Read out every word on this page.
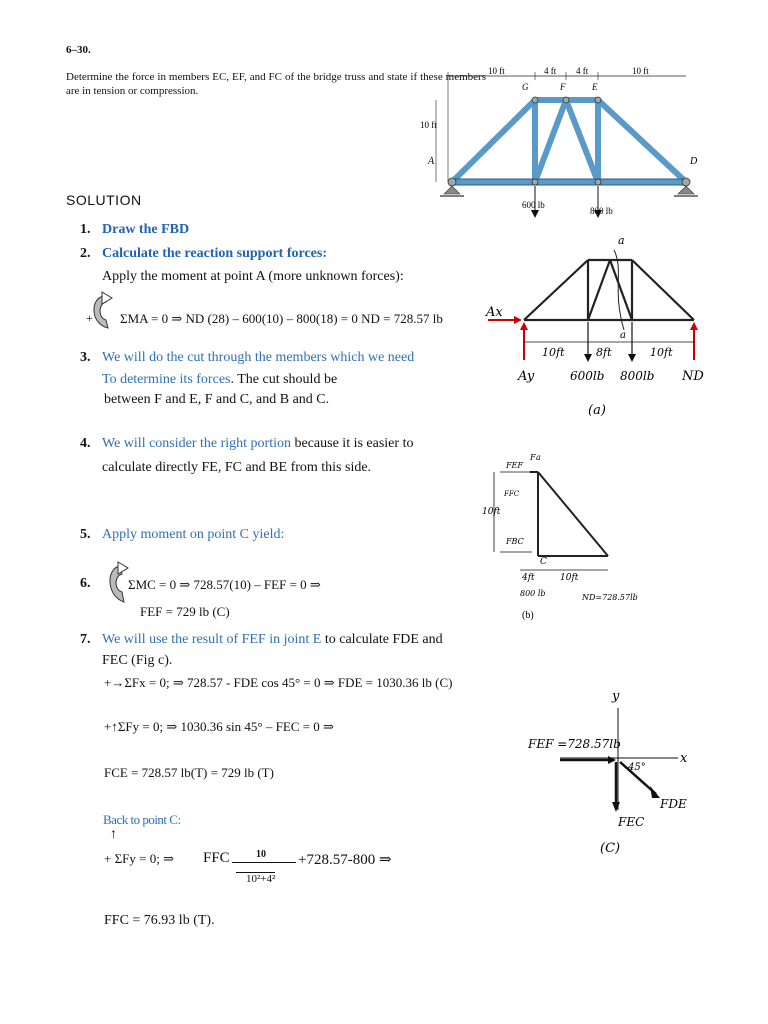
6–30.
Determine the force in members EC, EF, and FC of the bridge truss and state if these members are in tension or compression.
10 ft	4 ft 4 ft	10 ft
10 ft
A	D
G	F	E
600 lb
800 lb
SOLUTION
1. Draw the FBD
2. Calculate the reaction support forces:
Apply the moment at point A (more unknown forces):
+ ΣMA = 0 ⇒ ND (28) – 600(10) – 800(18) = 0 ND = 728.57 lb
3. We will do the cut through the members which we need
To determine its forces. The cut should be
between F and E, F and C, and B and C.
4. We will consider the right portion because it is easier to
calculate directly FE, FC and BE from this side.
5. Apply moment on point C yield:
6.	ΣMC = 0 ⇒ 728.57(10) – FEF = 0 ⇒
FEF = 729 lb (C)
7. We will use the result of FEF in joint E to calculate FDE and
FEC (Fig c).
+→ΣFx = 0; ⇒ 728.57 - FDE cos 45° = 0 ⇒ FDE = 1030.36 lb (C)
+↑ΣFy = 0; ⇒ 1030.36 sin 45° – FEC = 0 ⇒
FCE = 728.57 lb(T) = 729 lb (T)
Back to point C:
↑
+ ΣFy = 0; ⇒ FFC	10
10²+4²
+728.57-800 ⇒
FFC = 76.93 lb (T).
a
a
Ax
Ay	ND
10ft	8ft	10ft
600lb 800lb
(a)
10ft
FEF
FFC
FBC
F a
C
4ft	10ft
800 lb	ND=728.57lb
(b)
y
x
FEF =728.57lb
45°
FDE
FEC
(C)
